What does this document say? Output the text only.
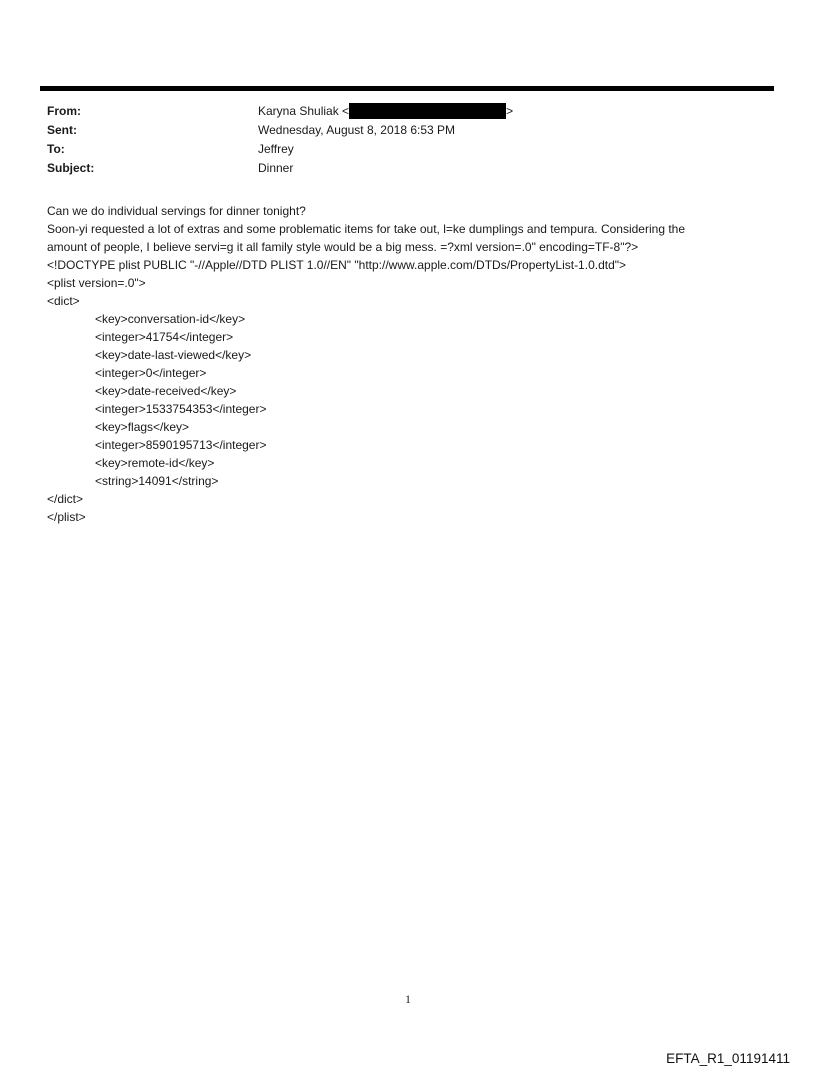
From:	Karyna Shuliak <	>
Sent:	Wednesday, August 8, 2018 6:53 PM
To:	Jeffrey
Subject:	Dinner
Can we do individual servings for dinner tonight?
Soon-yi requested a lot of extras and some problematic items for take out, l=ke dumplings and tempura. Considering the
amount of people, I believe servi=g it all family style would be a big mess. =?xml version=.0" encoding=TF-8"?>
<!DOCTYPE plist PUBLIC "-//Apple//DTD PLIST 1.0//EN" "http://www.apple.com/DTDs/PropertyList-1.0.dtd">
<plist version=.0">
<dict>
	<key>conversation-id</key>
	<integer>41754</integer>
	<key>date-last-viewed</key>
	<integer>0</integer>
	<key>date-received</key>
	<integer>1533754353</integer>
	<key>flags</key>
	<integer>8590195713</integer>
	<key>remote-id</key>
	<string>14091</string>
</dict>
</plist>
1
EFTA_R1_01191411
